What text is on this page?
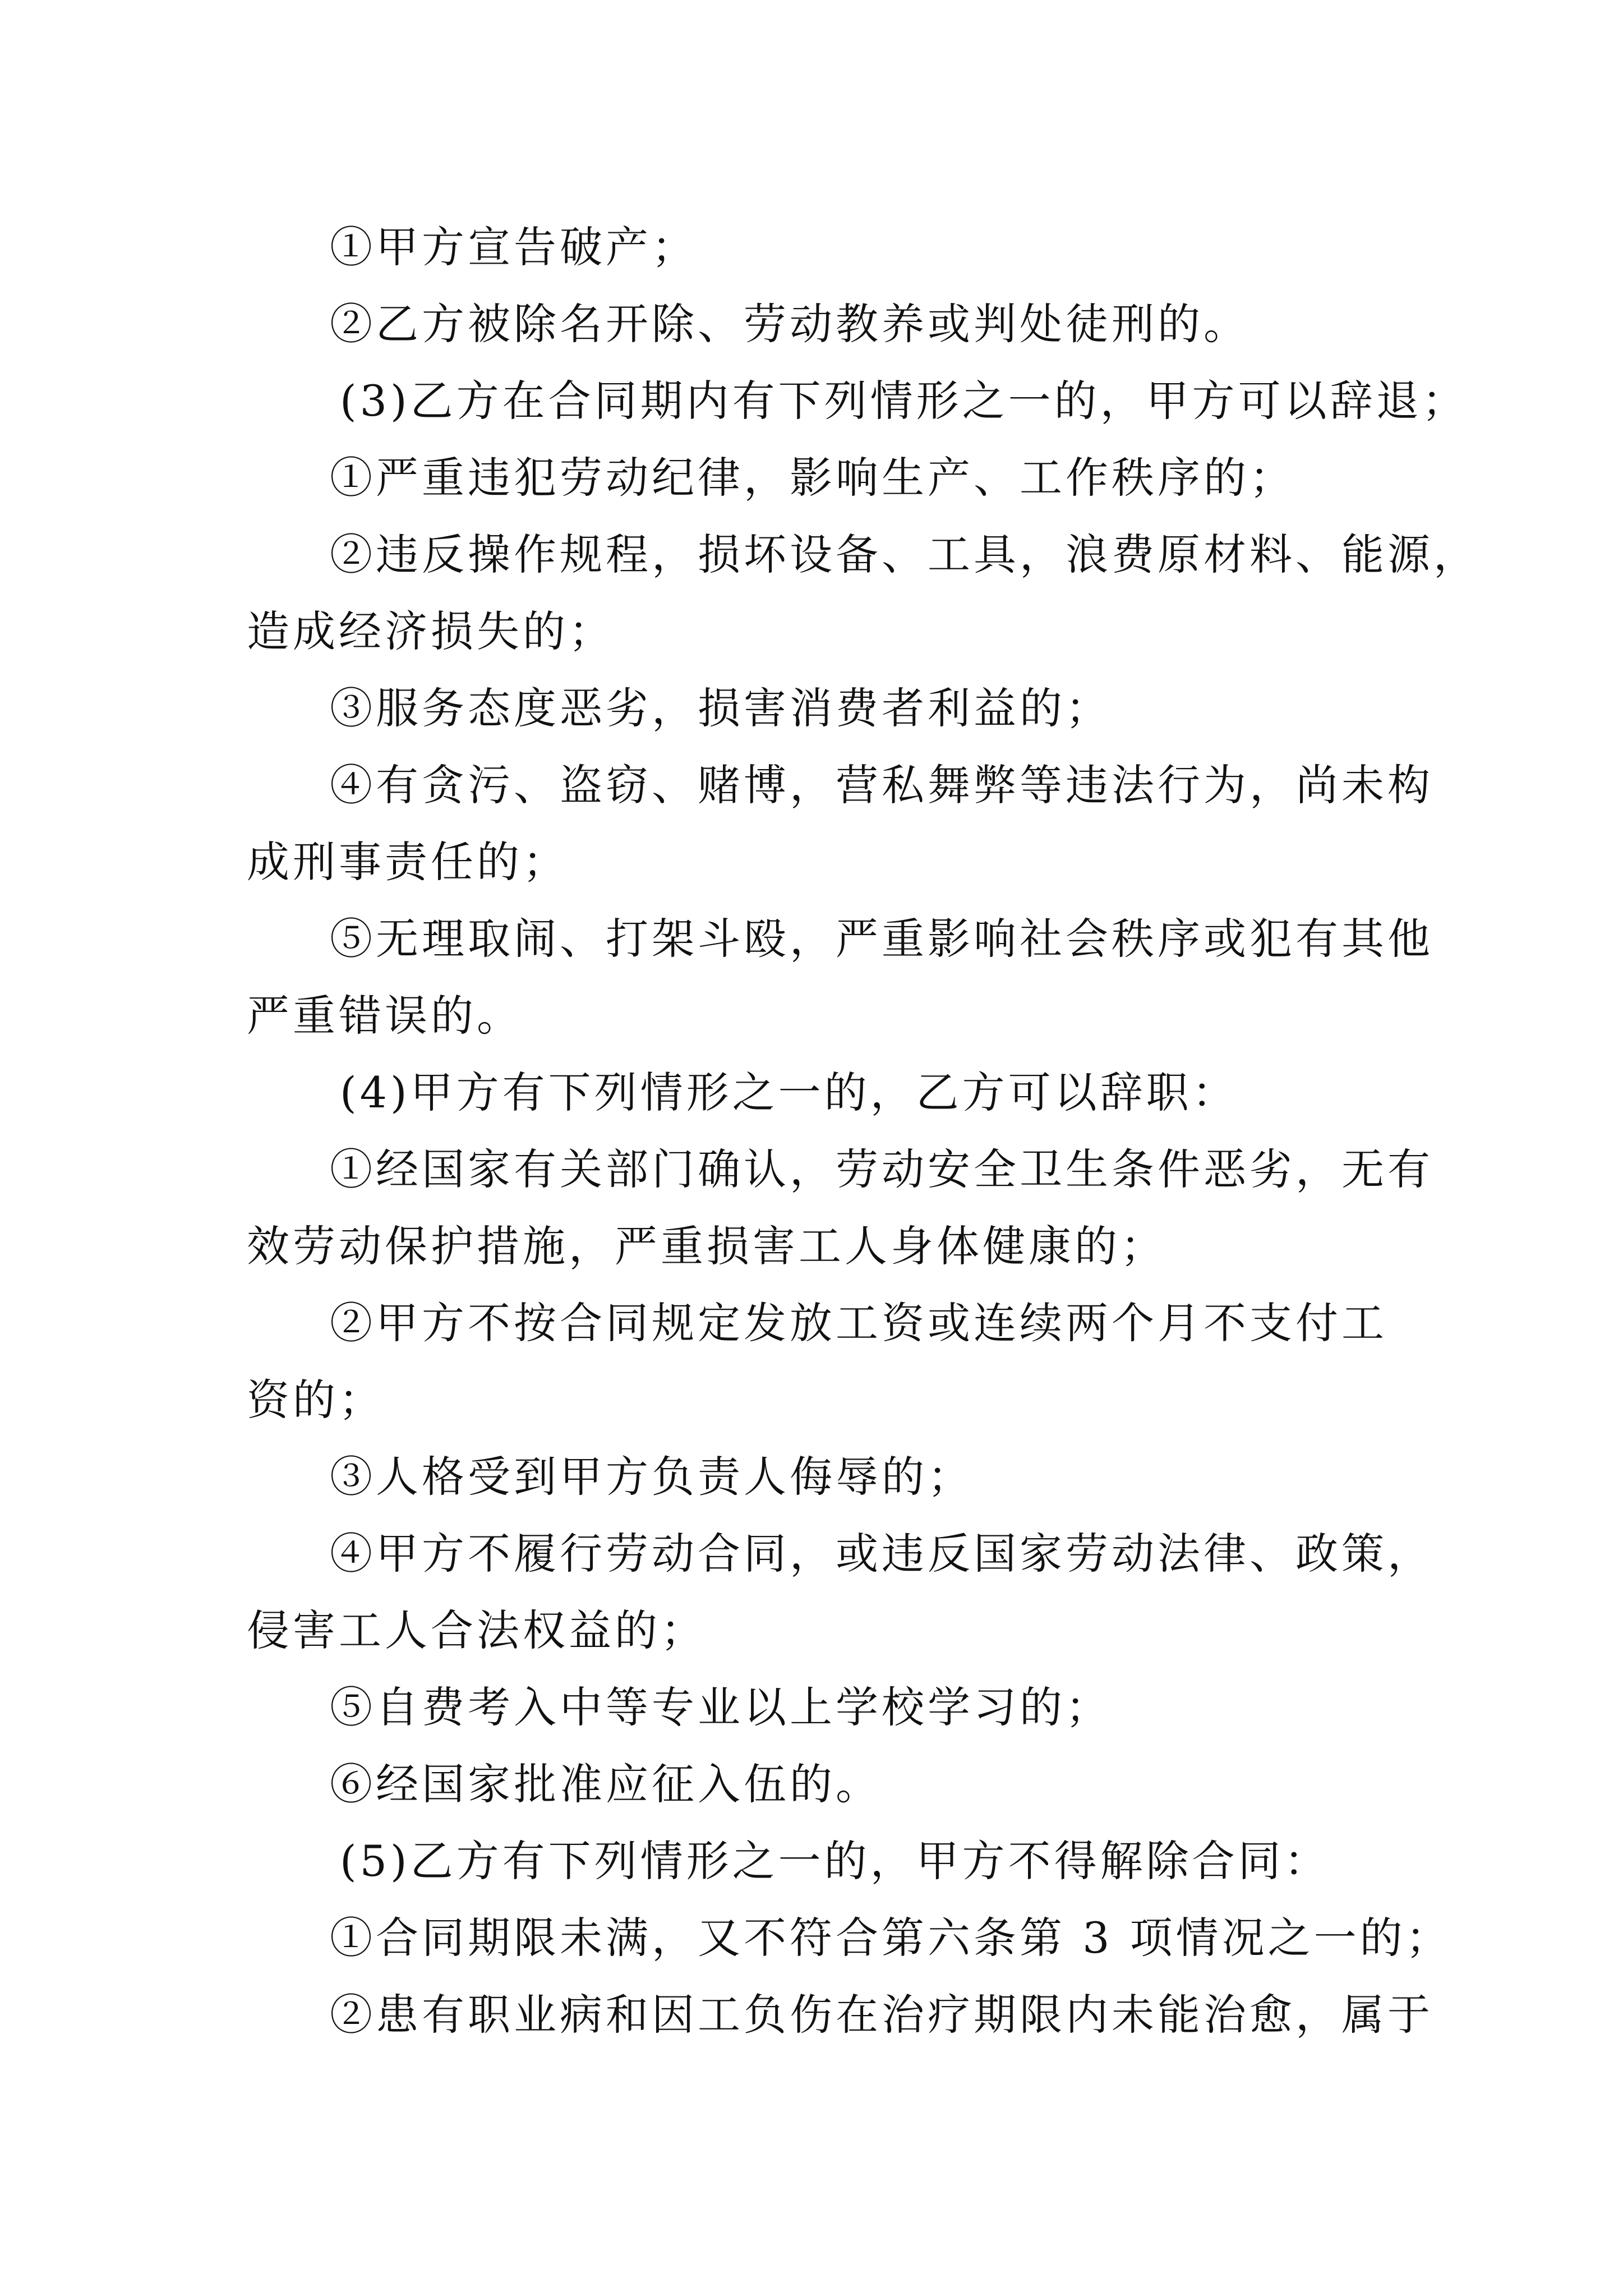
①甲方宣告破产；
②乙方被除名开除、劳动教养或判处徒刑的。
(3)乙方在合同期内有下列情形之一的，甲方可以辞退；
①严重违犯劳动纪律，影响生产、工作秩序的；
②违反操作规程，损坏设备、工具，浪费原材料、能源，
造成经济损失的；
③服务态度恶劣，损害消费者利益的；
④有贪污、盗窃、赌博，营私舞弊等违法行为，尚未构
成刑事责任的；
⑤无理取闹、打架斗殴，严重影响社会秩序或犯有其他
严重错误的。
(4)甲方有下列情形之一的，乙方可以辞职：
①经国家有关部门确认，劳动安全卫生条件恶劣，无有
效劳动保护措施，严重损害工人身体健康的；
②甲方不按合同规定发放工资或连续两个月不支付工
资的；
③人格受到甲方负责人侮辱的；
④甲方不履行劳动合同，或违反国家劳动法律、政策，
侵害工人合法权益的；
⑤自费考入中等专业以上学校学习的；
⑥经国家批准应征入伍的。
(5)乙方有下列情形之一的，甲方不得解除合同：
①合同期限未满，又不符合第六条第 3 项情况之一的；
②患有职业病和因工负伤在治疗期限内未能治愈，属于
